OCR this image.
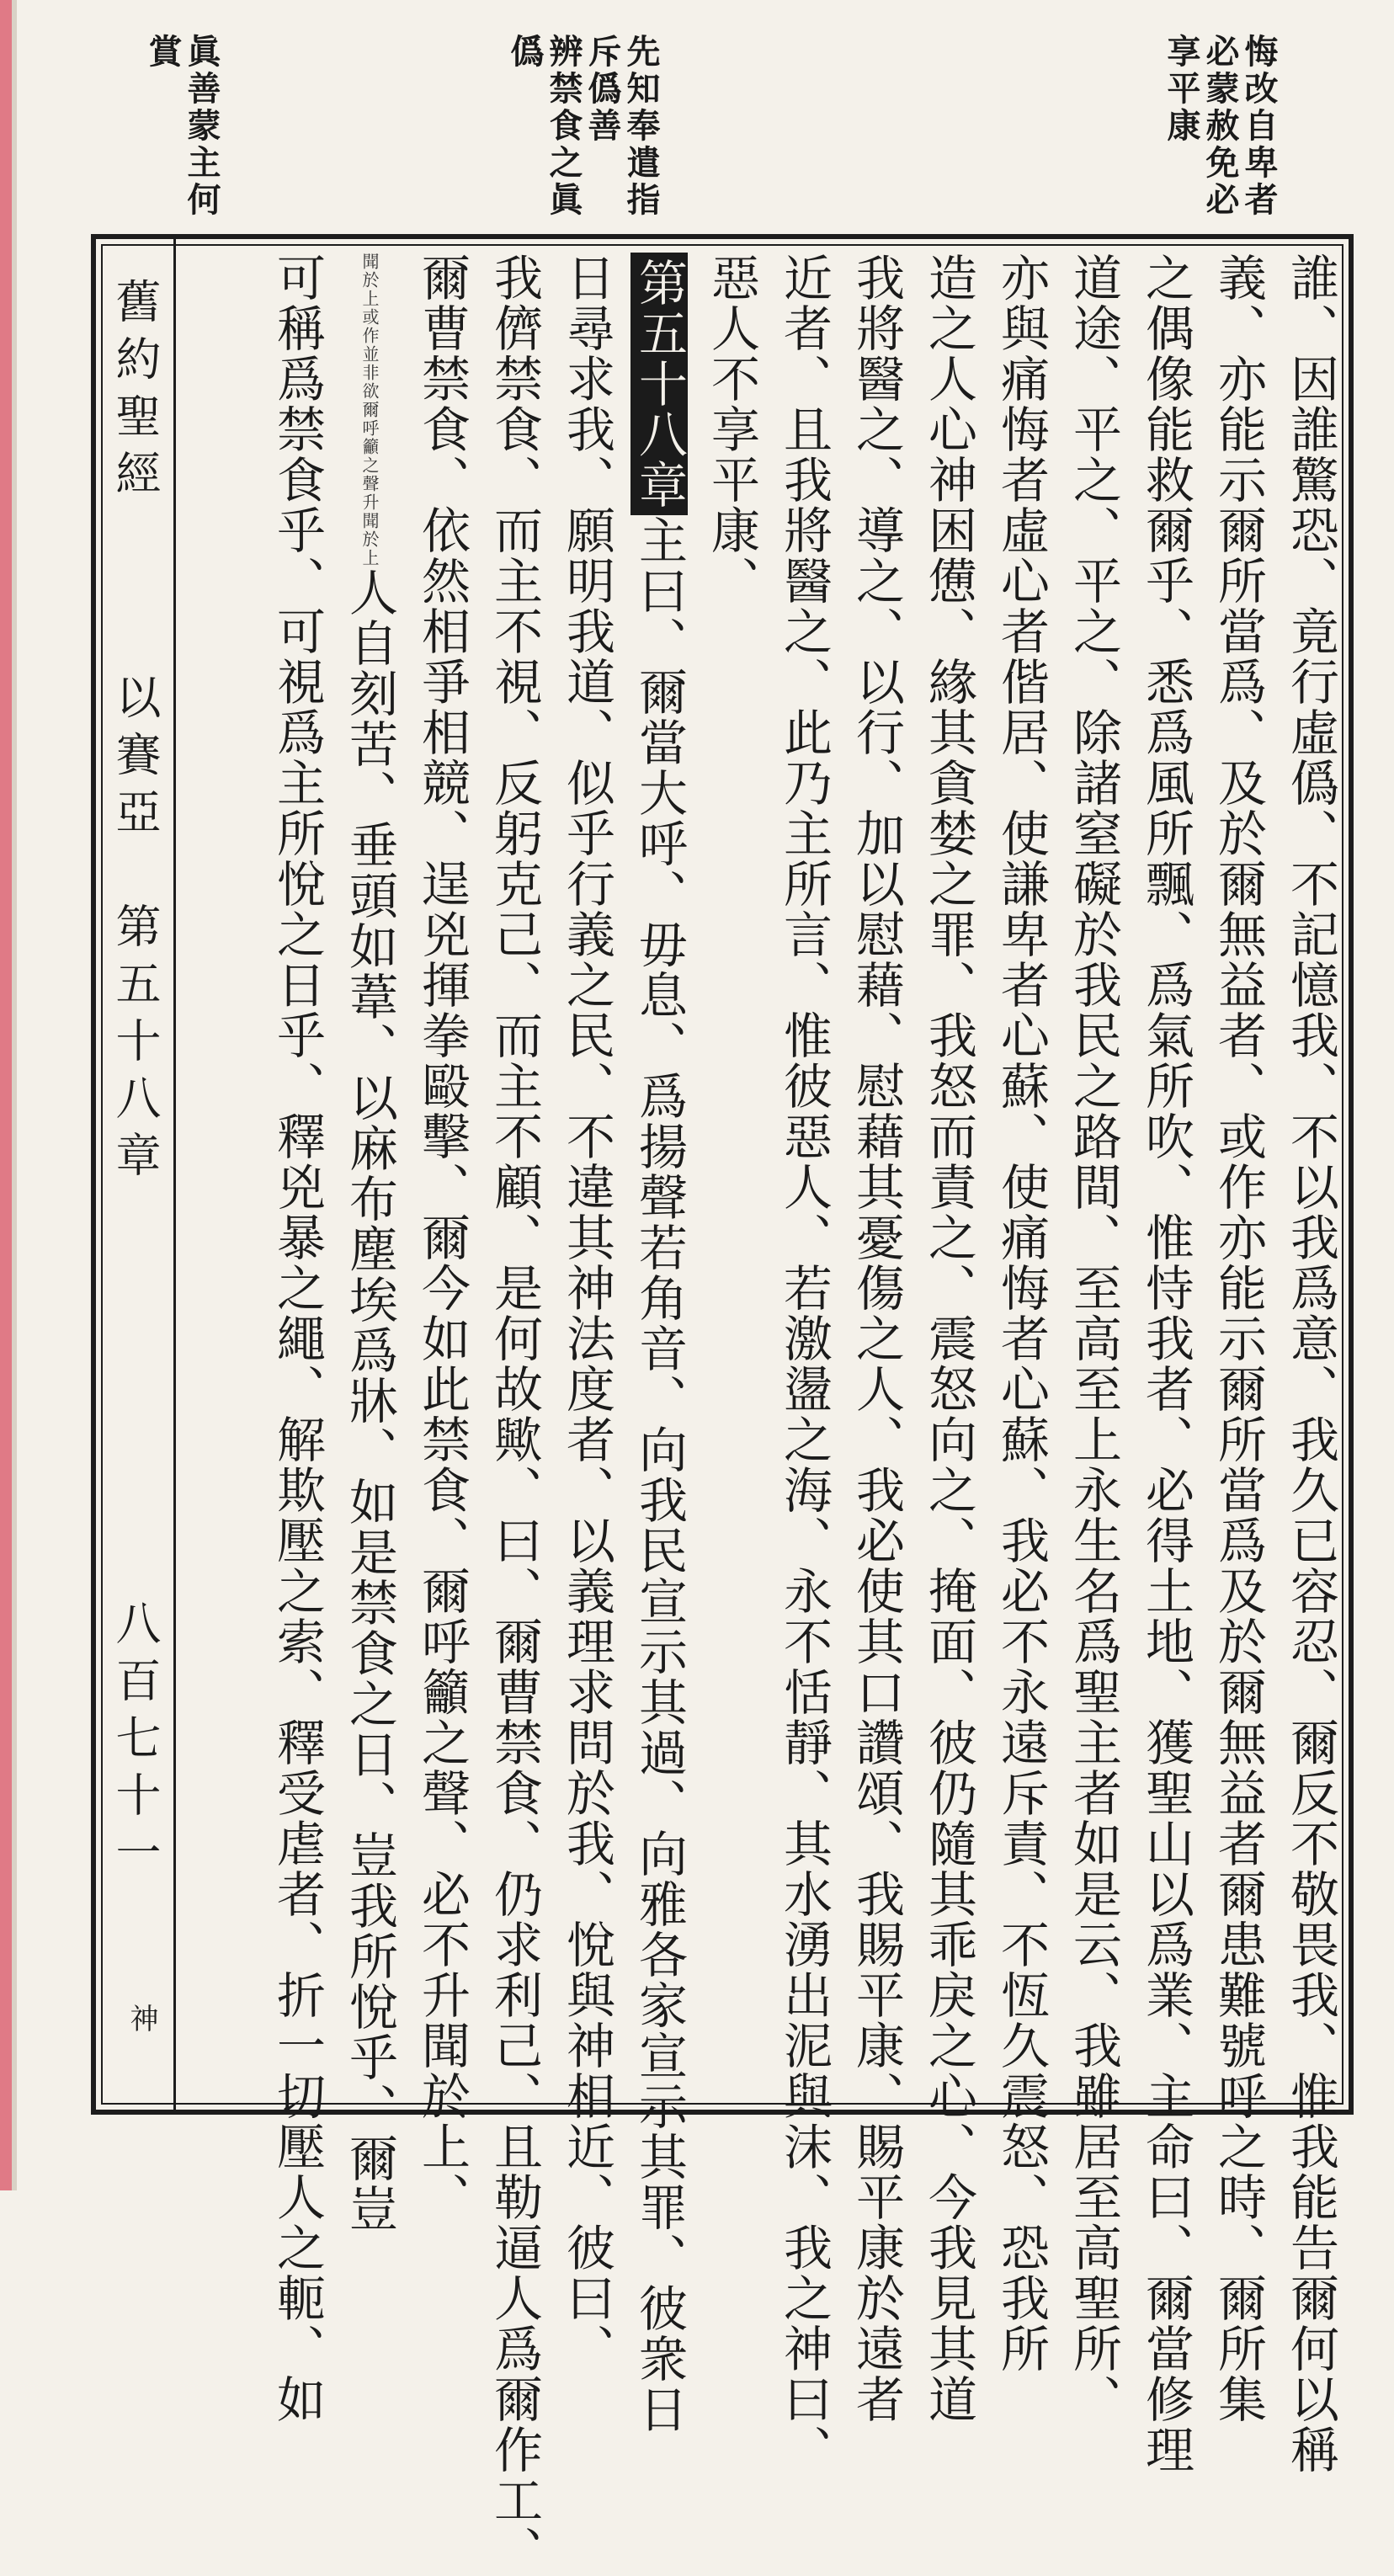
悔改自卑者
必蒙赦免必
享平康
先知奉遣指
斥僞善
辨禁食之眞
僞
眞善蒙主何
賞
舊約聖經
以賽亞　第五十八章
八百七十一
神	誰、因誰驚恐、竟行虛僞、不記憶我、不以我爲意、我久已容忍、爾反不敬畏我、惟我能告爾何以稱
義、亦能示爾所當爲、及於爾無益者、或作亦能示爾所當爲及於爾無益者爾患難號呼之時、爾所集
之偶像能救爾乎、悉爲風所飄、爲氣所吹、惟恃我者、必得土地、獲聖山以爲業、主命曰、爾當修理
道途、平之、平之、除諸窒礙於我民之路間、至高至上永生名爲聖主者如是云、我雖居至高聖所、
亦與痛悔者虛心者偕居、使謙卑者心蘇、使痛悔者心蘇、我必不永遠斥責、不恆久震怒、恐我所
造之人心神困憊、緣其貪婪之罪、我怒而責之、震怒向之、掩面、彼仍隨其乖戾之心、今我見其道
我將醫之、導之、以行、加以慰藉、慰藉其憂傷之人、我必使其口讚頌、我賜平康、賜平康於遠者
近者、且我將醫之、此乃主所言、惟彼惡人、若激盪之海、永不恬靜、其水湧出泥與沫、我之神曰、
惡人不享平康、
第五十八章主曰、爾當大呼、毋息、爲揚聲若角音、向我民宣示其過、向雅各家宣示其罪、彼衆日
日尋求我、願明我道、似乎行義之民、不違其神法度者、以義理求問於我、悅與神相近、彼曰、
我儕禁食、而主不視、反躬克己、而主不顧、是何故歟、曰、爾曹禁食、仍求利己、且勒逼人爲爾作工、
爾曹禁食、依然相爭相競、逞兇揮拳毆擊、爾今如此禁食、爾呼籲之聲、必不升聞於上、
聞於上或作並非欲爾呼籲之聲升聞於上人自刻苦、垂頭如葦、以麻布塵埃爲牀、如是禁食之日、豈我所悅乎、爾豈
可稱爲禁食乎、可視爲主所悅之日乎、釋兇暴之繩、解欺壓之索、釋受虐者、折一切壓人之軛、如
